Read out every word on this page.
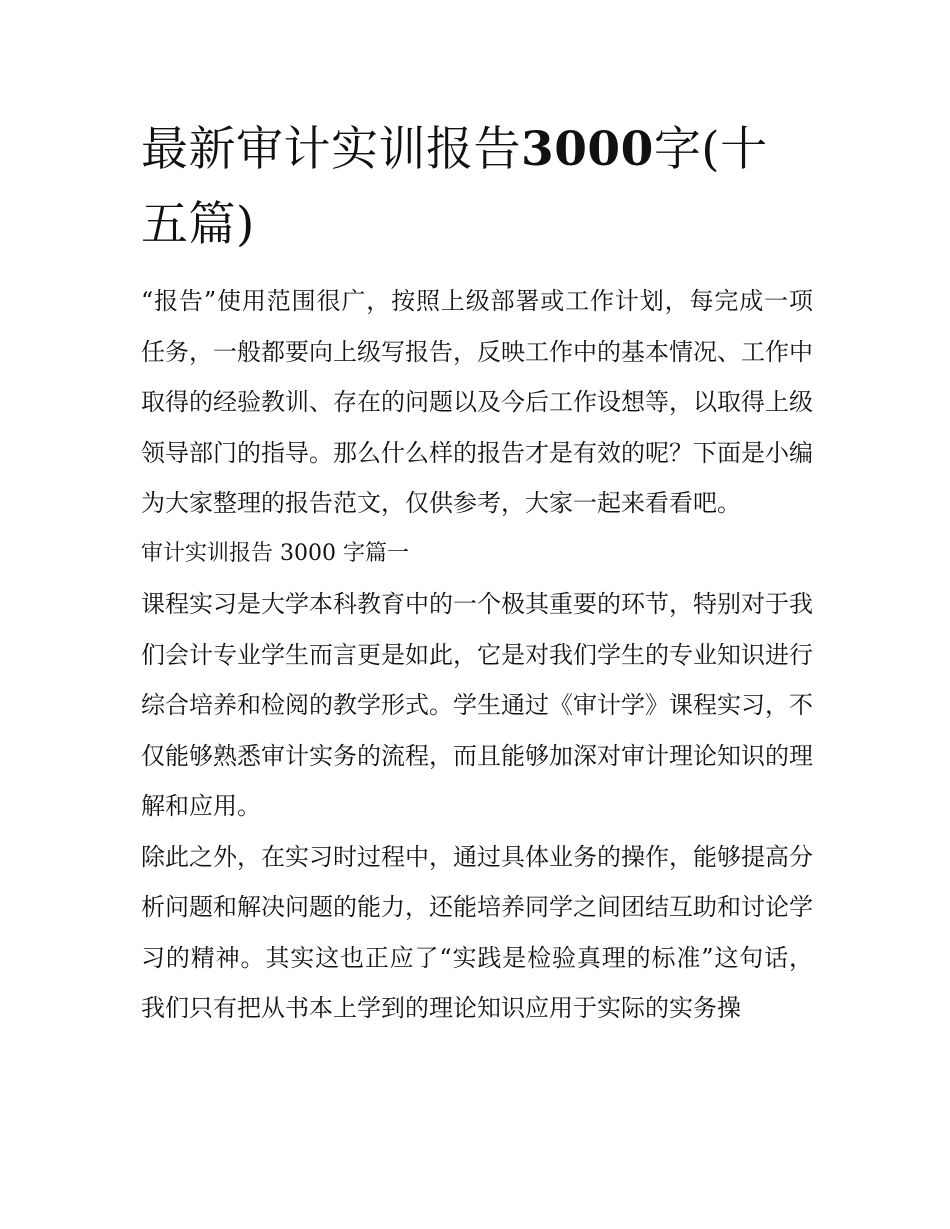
最新审计实训报告3000字(十五篇)

“报告”使用范围很广，按照上级部署或工作计划，每完成一项任务，一般都要向上级写报告，反映工作中的基本情况、工作中取得的经验教训、存在的问题以及今后工作设想等，以取得上级领导部门的指导。那么什么样的报告才是有效的呢？下面是小编为大家整理的报告范文，仅供参考，大家一起来看看吧。

审计实训报告 3000 字篇一

课程实习是大学本科教育中的一个极其重要的环节，特别对于我们会计专业学生而言更是如此，它是对我们学生的专业知识进行综合培养和检阅的教学形式。学生通过《审计学》课程实习，不仅能够熟悉审计实务的流程，而且能够加深对审计理论知识的理解和应用。

除此之外，在实习时过程中，通过具体业务的操作，能够提高分析问题和解决问题的能力，还能培养同学之间团结互助和讨论学习的精神。其实这也正应了“实践是检验真理的标准”这句话，我们只有把从书本上学到的理论知识应用于实际的实务操
